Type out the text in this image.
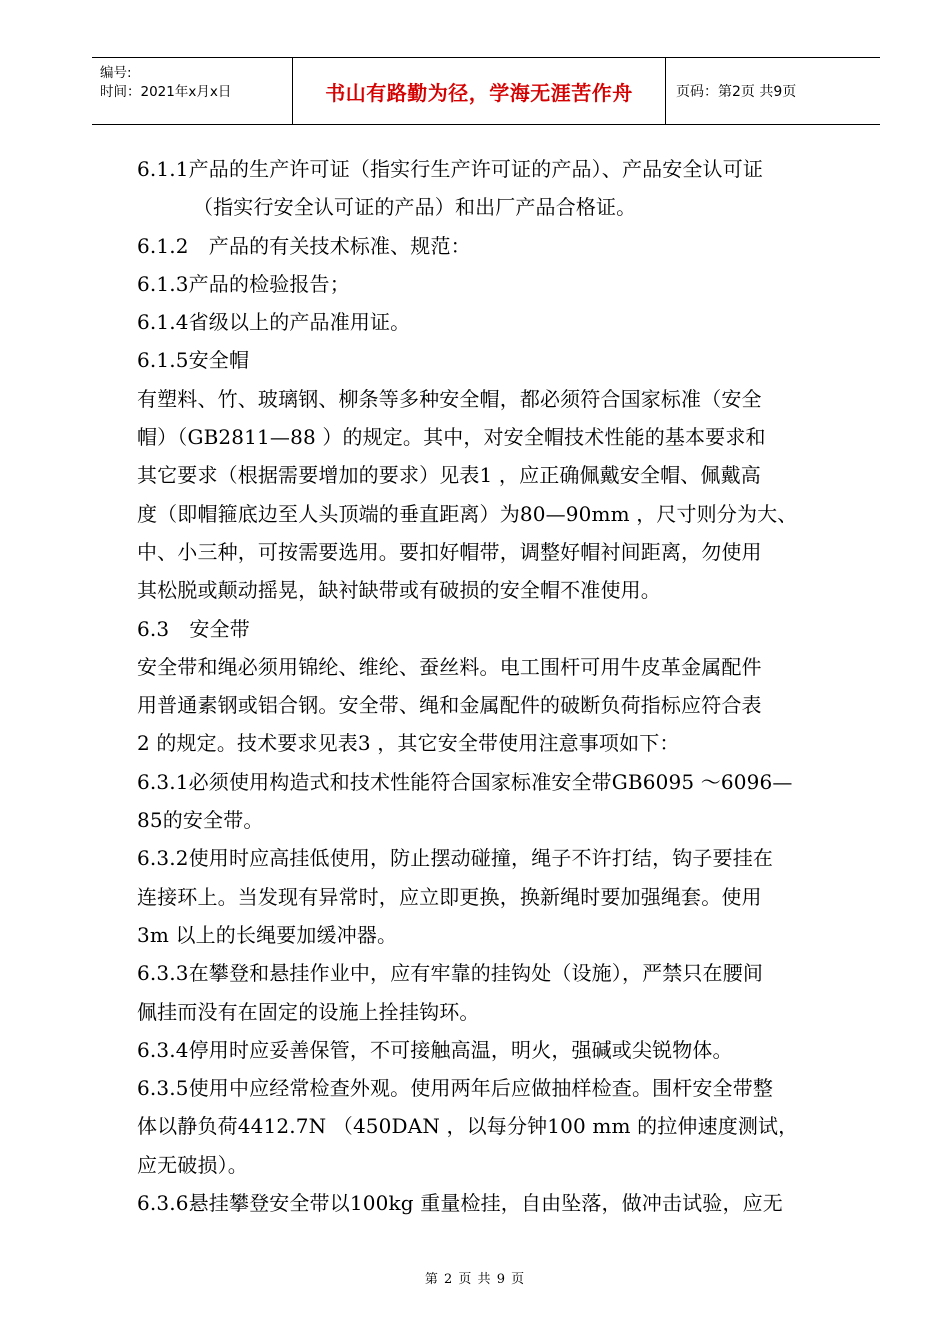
编号:
时间：2021年x月x日	书山有路勤为径，学海无涯苦作舟	页码：第2页 共9页

6.1.1产品的生产许可证（指实行生产许可证的产品）、产品安全认可证

（指实行安全认可证的产品）和出厂产品合格证。

6.1.2　产品的有关技术标准、规范：

6.1.3产品的检验报告；

6.1.4省级以上的产品准用证。

6.1.5安全帽

有塑料、竹、玻璃钢、柳条等多种安全帽，都必须符合国家标准（安全

帽）（GB2811—88 ）的规定。其中，对安全帽技术性能的基本要求和

其它要求（根据需要增加的要求）见表1 ，应正确佩戴安全帽、佩戴高

度（即帽箍底边至人头顶端的垂直距离）为80—90mm ，尺寸则分为大、

中、小三种，可按需要选用。要扣好帽带，调整好帽衬间距离，勿使用

其松脱或颠动摇晃，缺衬缺带或有破损的安全帽不准使用。

6.3　安全带

安全带和绳必须用锦纶、维纶、蚕丝料。电工围杆可用牛皮革金属配件

用普通素钢或铝合钢。安全带、绳和金属配件的破断负荷指标应符合表

2 的规定。技术要求见表3 ，其它安全带使用注意事项如下：

6.3.1必须使用构造式和技术性能符合国家标准安全带GB6095 ～6096—

85的安全带。

6.3.2使用时应高挂低使用，防止摆动碰撞，绳子不许打结，钩子要挂在

连接环上。当发现有异常时，应立即更换，换新绳时要加强绳套。使用

3m 以上的长绳要加缓冲器。

6.3.3在攀登和悬挂作业中，应有牢靠的挂钩处（设施），严禁只在腰间

佩挂而没有在固定的设施上拴挂钩环。

6.3.4停用时应妥善保管，不可接触高温，明火，强碱或尖锐物体。

6.3.5使用中应经常检查外观。使用两年后应做抽样检查。围杆安全带整

体以静负荷4412.7N （450DAN ，以每分钟100 mm 的拉伸速度测试，

应无破损）。

6.3.6悬挂攀登安全带以100kg 重量检挂，自由坠落，做冲击试验，应无

第 2 页 共 9 页
